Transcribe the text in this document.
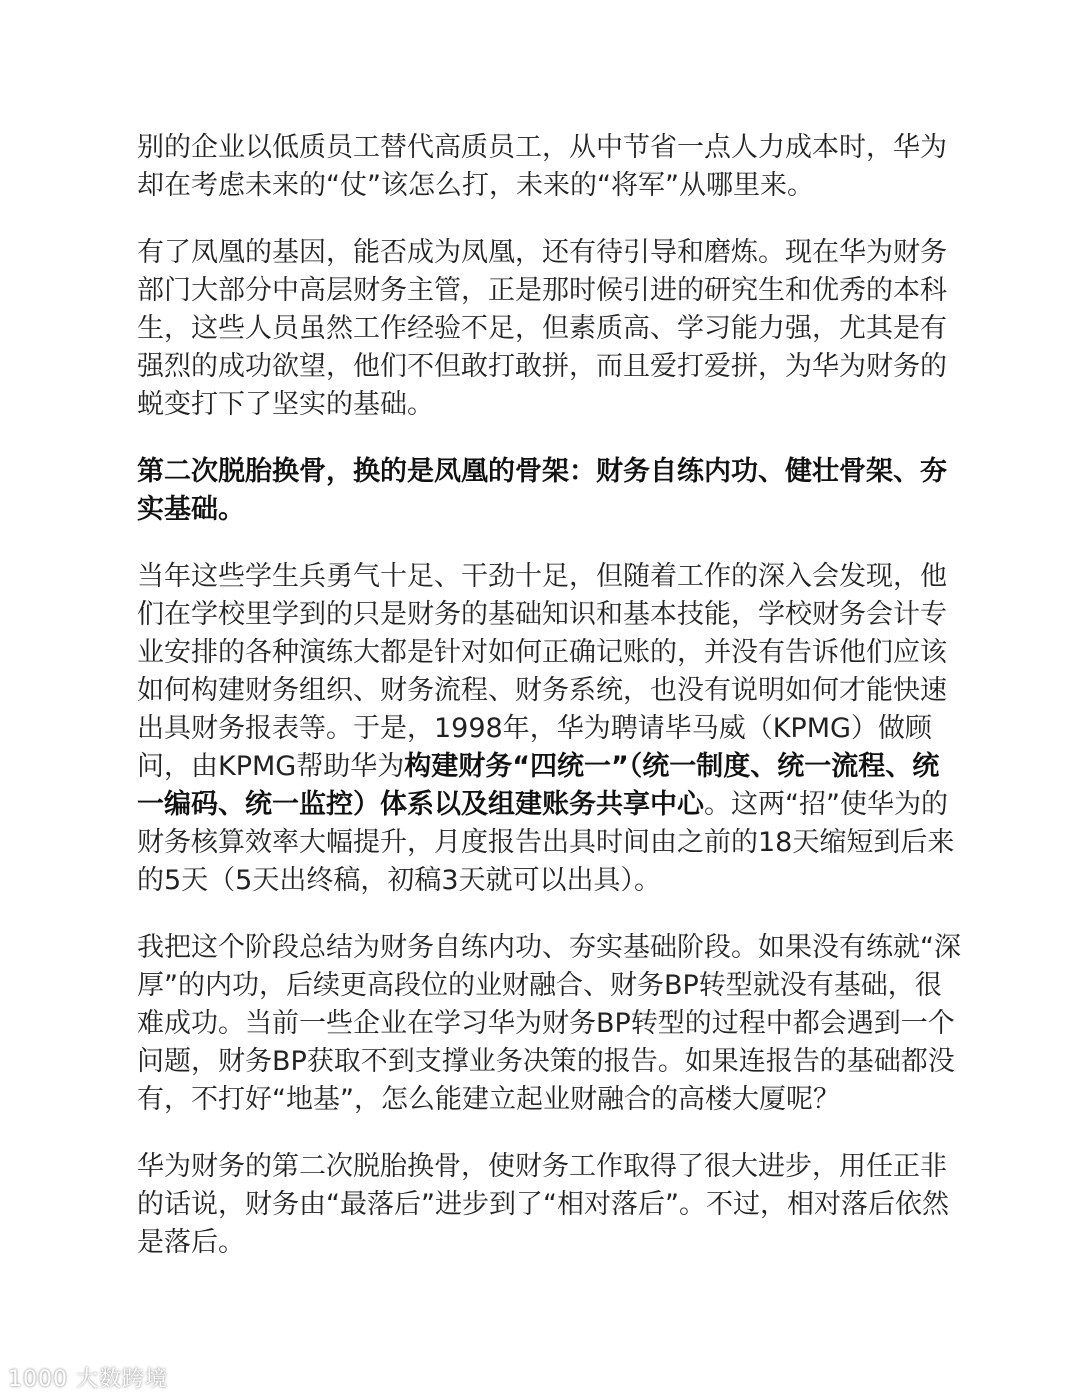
别的企业以低质员工替代高质员工，从中节省一点人力成本时，华为
却在考虑未来的“仗”该怎么打，未来的“将军”从哪里来。
有了凤凰的基因，能否成为凤凰，还有待引导和磨炼。现在华为财务
部门大部分中高层财务主管，正是那时候引进的研究生和优秀的本科
生，这些人员虽然工作经验不足，但素质高、学习能力强，尤其是有
强烈的成功欲望，他们不但敢打敢拼，而且爱打爱拼，为华为财务的
蜕变打下了坚实的基础。
第二次脱胎换骨，换的是凤凰的骨架：财务自练内功、健壮骨架、夯
实基础。
当年这些学生兵勇气十足、干劲十足，但随着工作的深入会发现，他
们在学校里学到的只是财务的基础知识和基本技能，学校财务会计专
业安排的各种演练大都是针对如何正确记账的，并没有告诉他们应该
如何构建财务组织、财务流程、财务系统，也没有说明如何才能快速
出具财务报表等。于是，1998年，华为聘请毕马威（KPMG）做顾
问，由KPMG帮助华为构建财务“四统一”（统一制度、统一流程、统
一编码、统一监控）体系以及组建账务共享中心。这两“招”使华为的
财务核算效率大幅提升，月度报告出具时间由之前的18天缩短到后来
的5天（5天出终稿，初稿3天就可以出具）。
我把这个阶段总结为财务自练内功、夯实基础阶段。如果没有练就“深
厚”的内功，后续更高段位的业财融合、财务BP转型就没有基础，很
难成功。当前一些企业在学习华为财务BP转型的过程中都会遇到一个
问题，财务BP获取不到支撑业务决策的报告。如果连报告的基础都没
有，不打好“地基”，怎么能建立起业财融合的高楼大厦呢？
华为财务的第二次脱胎换骨，使财务工作取得了很大进步，用任正非
的话说，财务由“最落后”进步到了“相对落后”。不过，相对落后依然
是落后。
1000 大数跨境
